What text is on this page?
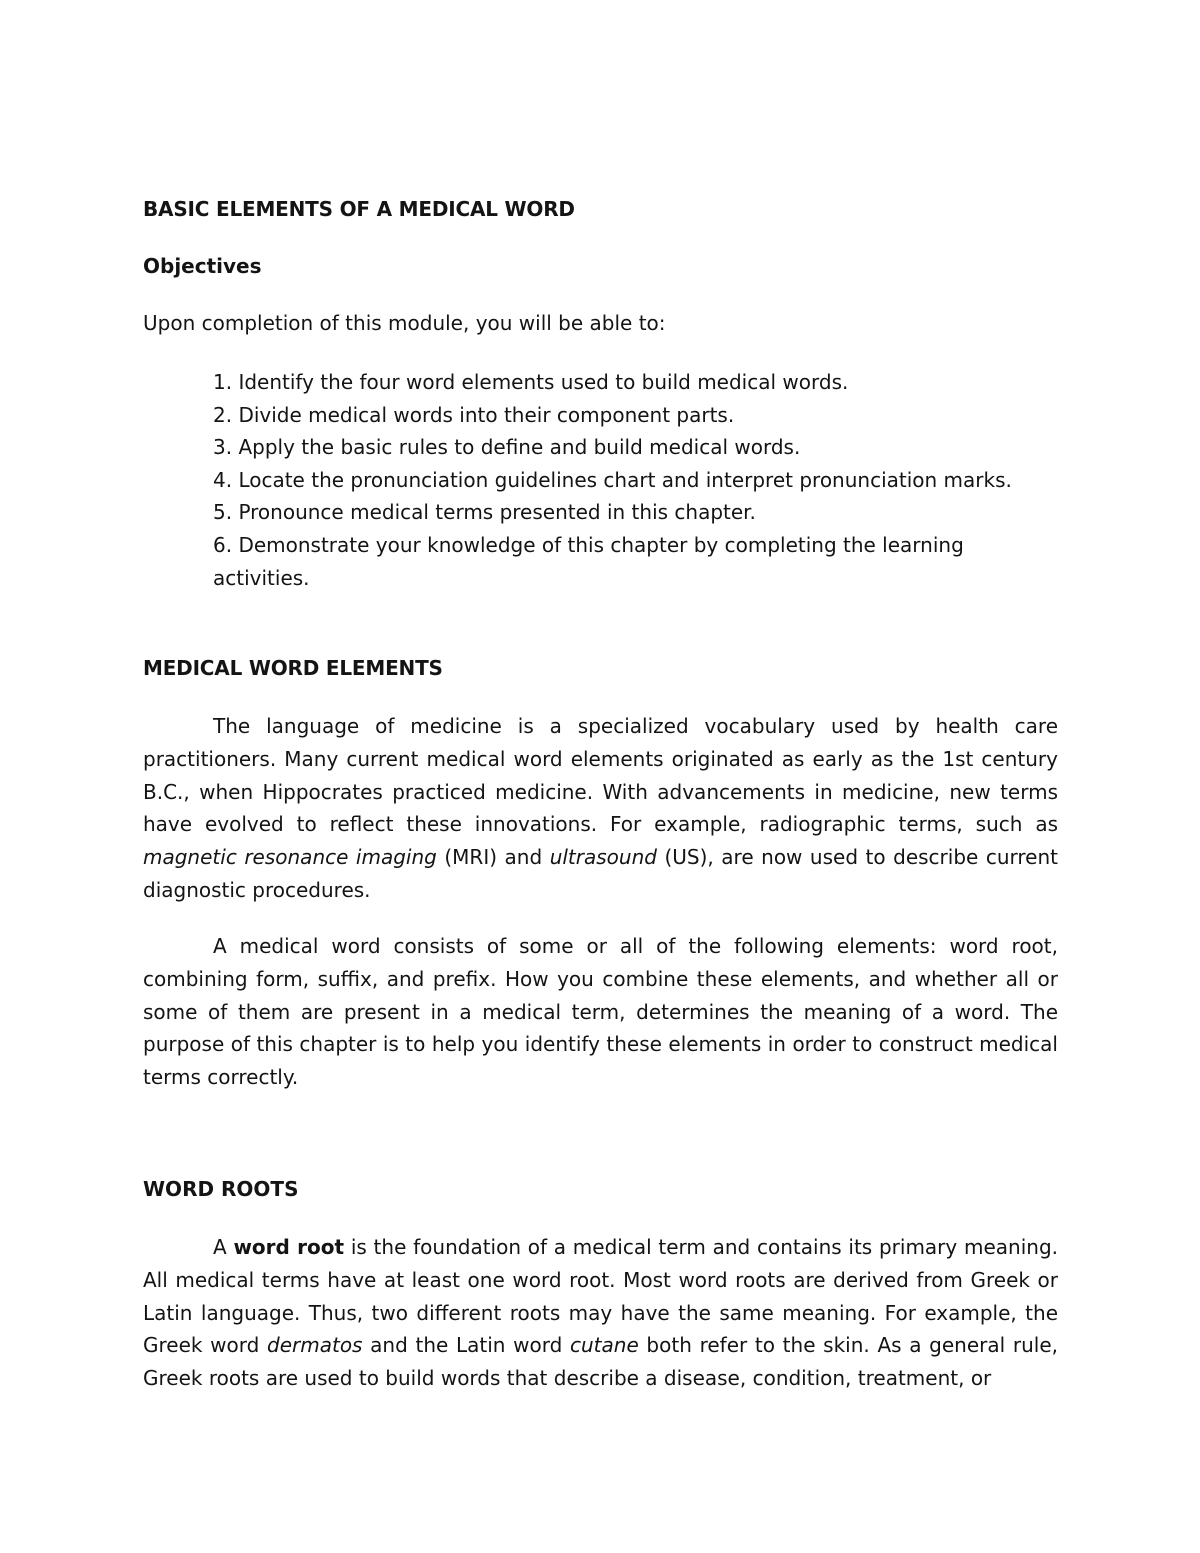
BASIC ELEMENTS OF A MEDICAL WORD
Objectives
Upon completion of this module, you will be able to:
1. Identify the four word elements used to build medical words.
2. Divide medical words into their component parts.
3. Apply the basic rules to define and build medical words.
4. Locate the pronunciation guidelines chart and interpret pronunciation marks.
5. Pronounce medical terms presented in this chapter.
6. Demonstrate your knowledge of this chapter by completing the learning activities.
MEDICAL WORD ELEMENTS

The language of medicine is a specialized vocabulary used by health care practitioners. Many current medical word elements originated as early as the 1st century B.C., when Hippocrates practiced medicine. With advancements in medicine, new terms have evolved to reflect these innovations. For example, radiographic terms, such as magnetic resonance imaging (MRI) and ultrasound (US), are now used to describe current diagnostic procedures.

A medical word consists of some or all of the following elements: word root, combining form, suffix, and prefix. How you combine these elements, and whether all or some of them are present in a medical term, determines the meaning of a word. The purpose of this chapter is to help you identify these elements in order to construct medical terms correctly.

WORD ROOTS

A word root is the foundation of a medical term and contains its primary meaning. All medical terms have at least one word root. Most word roots are derived from Greek or Latin language. Thus, two different roots may have the same meaning. For example, the Greek word dermatos and the Latin word cutane both refer to the skin. As a general rule, Greek roots are used to build words that describe a disease, condition, treatment, or
